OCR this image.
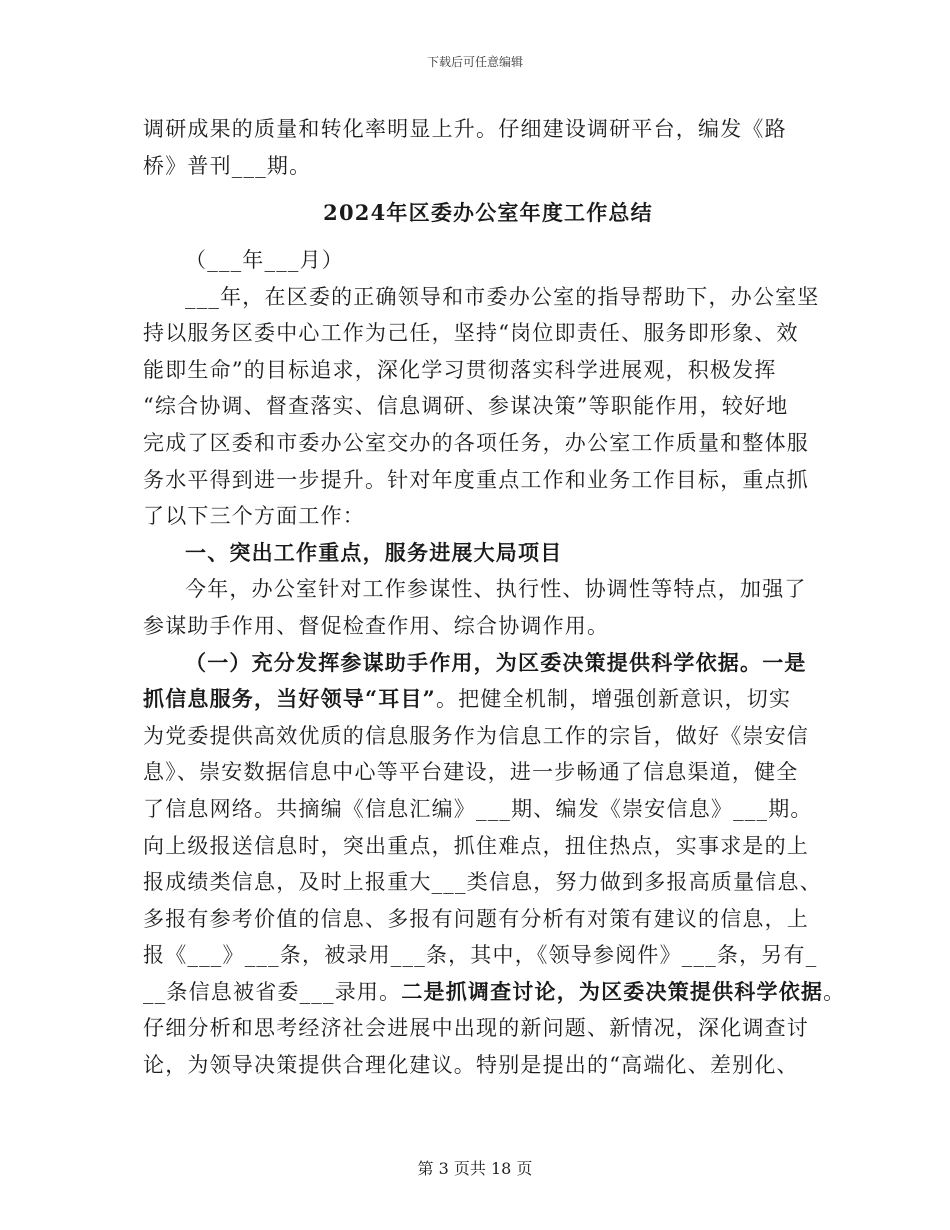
下载后可任意编辑
调研成果的质量和转化率明显上升。仔细建设调研平台，编发《路
桥》普刊___期。
2024年区委办公室年度工作总结
（___年___月）
___年，在区委的正确领导和市委办公室的指导帮助下，办公室坚
持以服务区委中心工作为己任，坚持“岗位即责任、服务即形象、效
能即生命”的目标追求，深化学习贯彻落实科学进展观，积极发挥
“综合协调、督查落实、信息调研、参谋决策”等职能作用，较好地
完成了区委和市委办公室交办的各项任务，办公室工作质量和整体服
务水平得到进一步提升。针对年度重点工作和业务工作目标，重点抓
了以下三个方面工作：
一、突出工作重点，服务进展大局项目
今年，办公室针对工作参谋性、执行性、协调性等特点，加强了
参谋助手作用、督促检查作用、综合协调作用。
（一）充分发挥参谋助手作用，为区委决策提供科学依据。一是
抓信息服务，当好领导“耳目”。把健全机制，增强创新意识，切实
为党委提供高效优质的信息服务作为信息工作的宗旨，做好《崇安信
息》、崇安数据信息中心等平台建设，进一步畅通了信息渠道，健全
了信息网络。共摘编《信息汇编》___期、编发《崇安信息》___期。
向上级报送信息时，突出重点，抓住难点，扭住热点，实事求是的上
报成绩类信息，及时上报重大___类信息，努力做到多报高质量信息、
多报有参考价值的信息、多报有问题有分析有对策有建议的信息，上
报《___》___条，被录用___条，其中，《领导参阅件》___条，另有_
__条信息被省委___录用。二是抓调查讨论，为区委决策提供科学依据。
仔细分析和思考经济社会进展中出现的新问题、新情况，深化调查讨
论，为领导决策提供合理化建议。特别是提出的“高端化、差别化、
第 3 页共 18 页
